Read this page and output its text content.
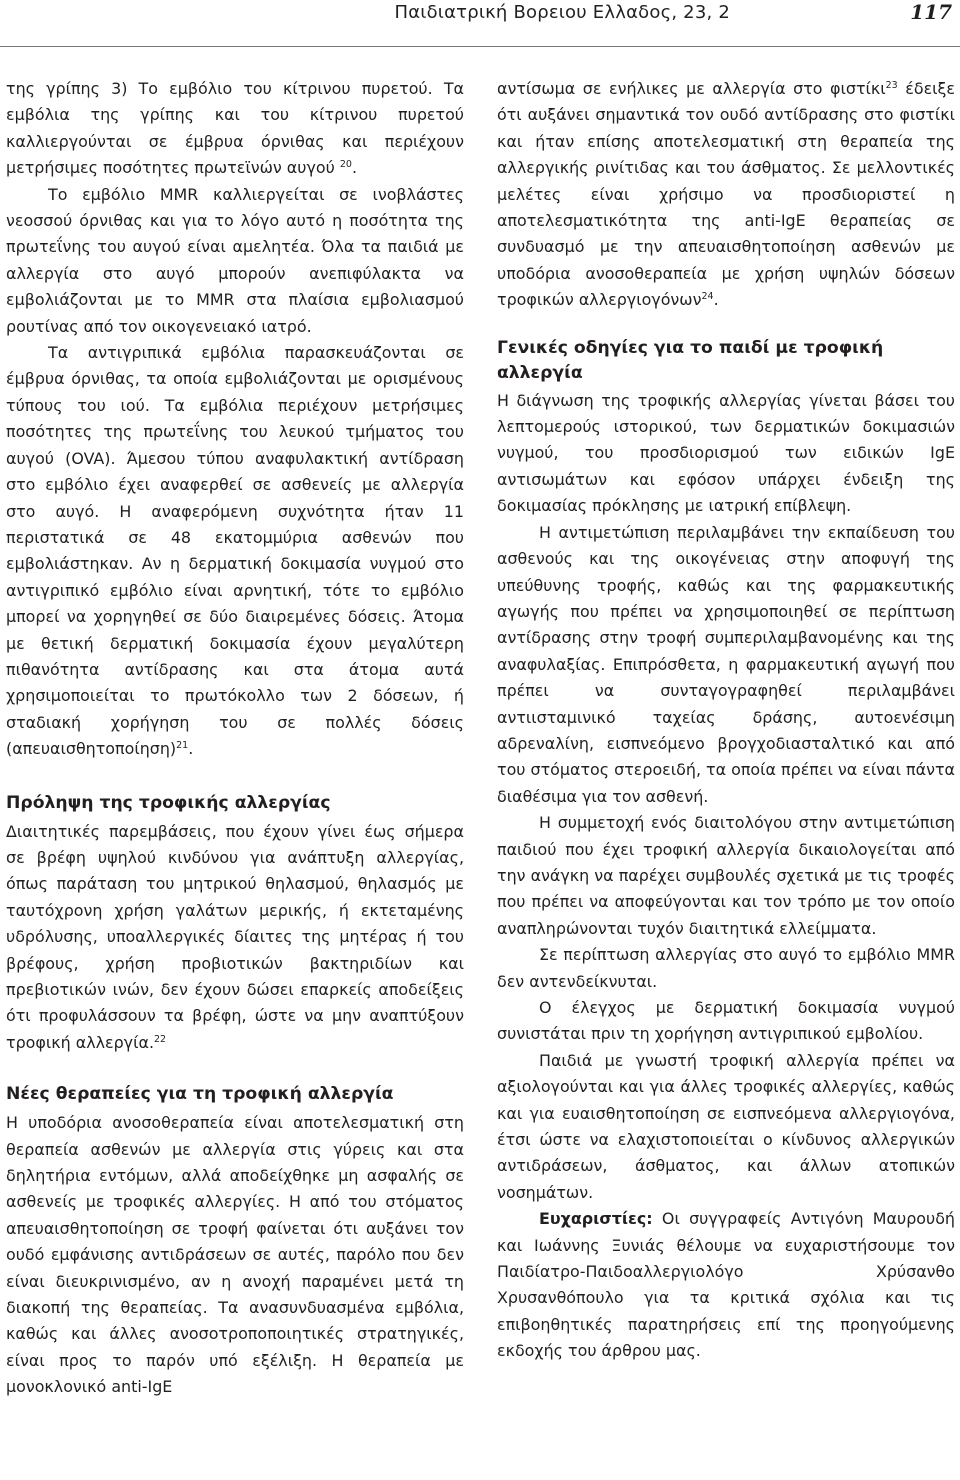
Παιδιατρική Βορειου Ελλαδος, 23, 2	117

της γρίπης 3) Το εμβόλιο του κίτρινου πυρετού. Τα εμβόλια της γρίπης και του κίτρινου πυρετού καλλιεργούνται σε έμβρυα όρνιθας και περιέχουν μετρήσιμες ποσότητες πρωτεϊνών αυγού $^{20}$.

Το εμβόλιο MMR καλλιεργείται σε ινοβλάστες νεοσσού όρνιθας και για το λόγο αυτό η ποσότητα της πρωτεΐνης του αυγού είναι αμελητέα. Όλα τα παιδιά με αλλεργία στο αυγό μπορούν ανεπιφύλακτα να εμβολιάζονται με το MMR στα πλαίσια εμβολιασμού ρουτίνας από τον οικογενειακό ιατρό.

Τα αντιγριπικά εμβόλια παρασκευάζονται σε έμβρυα όρνιθας, τα οποία εμβολιάζονται με ορισμένους τύπους του ιού. Τα εμβόλια περιέχουν μετρήσιμες ποσότητες της πρωτεΐνης του λευκού τμήματος του αυγού (OVA). Άμεσου τύπου αναφυλακτική αντίδραση στο εμβόλιο έχει αναφερθεί σε ασθενείς με αλλεργία στο αυγό. Η αναφερόμενη συχνότητα ήταν 11 περιστατικά σε 48 εκατομμύρια ασθενών που εμβολιάστηκαν. Αν η δερματική δοκιμασία νυγμού στο αντιγριπικό εμβόλιο είναι αρνητική, τότε το εμβόλιο μπορεί να χορηγηθεί σε δύο διαιρεμένες δόσεις. Άτομα με θετική δερματική δοκιμασία έχουν μεγαλύτερη πιθανότητα αντίδρασης και στα άτομα αυτά χρησιμοποιείται το πρωτόκολλο των 2 δόσεων, ή σταδιακή χορήγηση του σε πολλές δόσεις $(\alpha\pi\varepsilon\upsilon\alpha\iota\sigma\theta\eta\tau o\pi oί\eta\sigma\eta)^{21}$.

Πρόληψη της τροφικής αλλεργίας

Διαιτητικές παρεμβάσεις, που έχουν γίνει έως σήμερα σε βρέφη υψηλού κινδύνου για ανάπτυξη αλλεργίας, όπως παράταση του μητρικού θηλασμού, θηλασμός με ταυτόχρονη χρήση γαλάτων μερικής, ή εκτεταμένης υδρόλυσης, υποαλλεργικές δίαιτες της μητέρας ή του βρέφους, χρήση προβιοτικών βακτηριδίων και πρεβιοτικών ινών, δεν έχουν δώσει επαρκείς αποδείξεις ότι προφυλάσσουν τα βρέφη, ώστε να μην αναπτύξουν τροφική αλλεργία.$^{22}$

Νέες θεραπείες για τη τροφική αλλεργία

Η υποδόρια ανοσοθεραπεία είναι αποτελεσματική στη θεραπεία ασθενών με αλλεργία στις γύρεις και στα δηλητήρια εντόμων, αλλά αποδείχθηκε μη ασφαλής σε ασθενείς με τροφικές αλλεργίες. Η από του στόματος απευαισθητοποίηση σε τροφή φαίνεται ότι αυξάνει τον ουδό εμφάνισης αντιδράσεων σε αυτές, παρόλο που δεν είναι διευκρινισμένο, αν η ανοχή παραμένει μετά τη διακοπή της θεραπείας. Τα ανασυνδυασμένα εμβόλια, καθώς και άλλες ανοσοτροποποιητικές στρατηγικές, είναι προς το παρόν υπό εξέλιξη. Η θεραπεία με μονοκλονικό anti-IgE

αντίσωμα σε ενήλικες με αλλεργία στο φιστίκι$^{23}$ έδειξε ότι αυξάνει σημαντικά τον ουδό αντίδρασης στο φιστίκι και ήταν επίσης αποτελεσματική στη θεραπεία της αλλεργικής ρινίτιδας και του άσθματος. Σε μελλοντικές μελέτες είναι χρήσιμο να προσδιοριστεί η αποτελεσματικότητα της anti-IgE θεραπείας σε συνδυασμό με την απευαισθητοποίηση ασθενών με υποδόρια ανοσοθεραπεία με χρήση υψηλών δόσεων τροφικών αλλεργιογόνων$^{24}$.

Γενικές οδηγίες για το παιδί με τροφική αλλεργία

Η διάγνωση της τροφικής αλλεργίας γίνεται βάσει του λεπτομερούς ιστορικού, των δερματικών δοκιμασιών νυγμού, του προσδιορισμού των ειδικών IgE αντισωμάτων και εφόσον υπάρχει ένδειξη της δοκιμασίας πρόκλησης με ιατρική επίβλεψη.

Η αντιμετώπιση περιλαμβάνει την εκπαίδευση του ασθενούς και της οικογένειας στην αποφυγή της υπεύθυνης τροφής, καθώς και της φαρμακευτικής αγωγής που πρέπει να χρησιμοποιηθεί σε περίπτωση αντίδρασης στην τροφή συμπεριλαμβανομένης και της αναφυλαξίας. Επιπρόσθετα, η φαρμακευτική αγωγή που πρέπει να συνταγογραφηθεί περιλαμβάνει αντιισταμινικό ταχείας δράσης, αυτοενέσιμη αδρεναλίνη, εισπνεόμενο βρογχοδιασταλτικό και από του στόματος στεροειδή, τα οποία πρέπει να είναι πάντα διαθέσιμα για τον ασθενή.

Η συμμετοχή ενός διαιτολόγου στην αντιμετώπιση παιδιού που έχει τροφική αλλεργία δικαιολογείται από την ανάγκη να παρέχει συμβουλές σχετικά με τις τροφές που πρέπει να αποφεύγονται και τον τρόπο με τον οποίο αναπληρώνονται τυχόν διαιτητικά ελλείμματα.

Σε περίπτωση αλλεργίας στο αυγό το εμβόλιο MMR δεν αντενδείκνυται.

Ο έλεγχος με δερματική δοκιμασία νυγμού συνιστάται πριν τη χορήγηση αντιγριπικού εμβολίου.

Παιδιά με γνωστή τροφική αλλεργία πρέπει να αξιολογούνται και για άλλες τροφικές αλλεργίες, καθώς και για ευαισθητοποίηση σε εισπνεόμενα αλλεργιογόνα, έτσι ώστε να ελαχιστοποιείται ο κίνδυνος αλλεργικών αντιδράσεων, άσθματος, και άλλων ατοπικών νοσημάτων.

Ευχαριστίες: Οι συγγραφείς Αντιγόνη Μαυρουδή και Ιωάννης Ξυνιάς θέλουμε να ευχαριστήσουμε τον Παιδίατρο-Παιδοαλλεργιολόγο Χρύσανθο Χρυσανθόπουλο για τα κριτικά σχόλια και τις επιβοηθητικές παρατηρήσεις επί της προηγούμενης εκδοχής του άρθρου μας.
